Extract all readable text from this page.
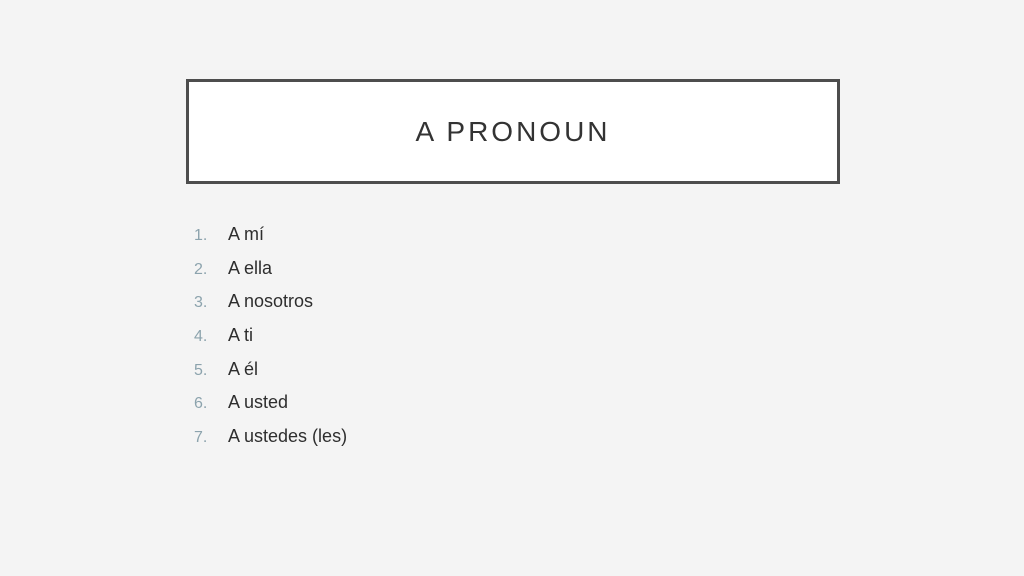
A PRONOUN
1.	A mí
2.	A ella
3.	A nosotros
4.	A ti
5.	A él
6.	A usted
7.	A ustedes (les)
